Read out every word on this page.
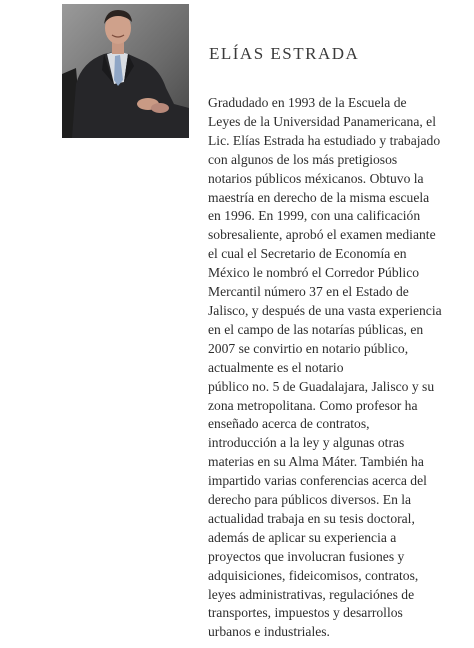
ELÍAS ESTRADA
Gradudado en 1993 de la Escuela de
Leyes de la Universidad Panamericana, el
Lic. Elías Estrada ha estudiado y trabajado
con algunos de los más pretigiosos
notarios públicos méxicanos. Obtuvo la
maestría en derecho de la misma escuela
en 1996. En 1999, con una calificación
sobresaliente, aprobó el examen mediante
el cual el Secretario de Economía en
México le nombró el Corredor Público
Mercantil número 37 en el Estado de
Jalisco, y después de una vasta experiencia
en el campo de las notarías públicas, en
2007 se convirtio en notario público,
actualmente es el notario
público no. 5 de Guadalajara, Jalisco y su
zona metropolitana. Como profesor ha
enseñado acerca de contratos,
introducción a la ley y algunas otras
materias en su Alma Máter. También ha
impartido varias conferencias acerca del
derecho para públicos diversos. En la
actualidad trabaja en su tesis doctoral,
además de aplicar su experiencia a
proyectos que involucran fusiones y
adquisiciones, fideicomisos, contratos,
leyes administrativas, regulaciónes de
transportes, impuestos y desarrollos
urbanos e industriales.
